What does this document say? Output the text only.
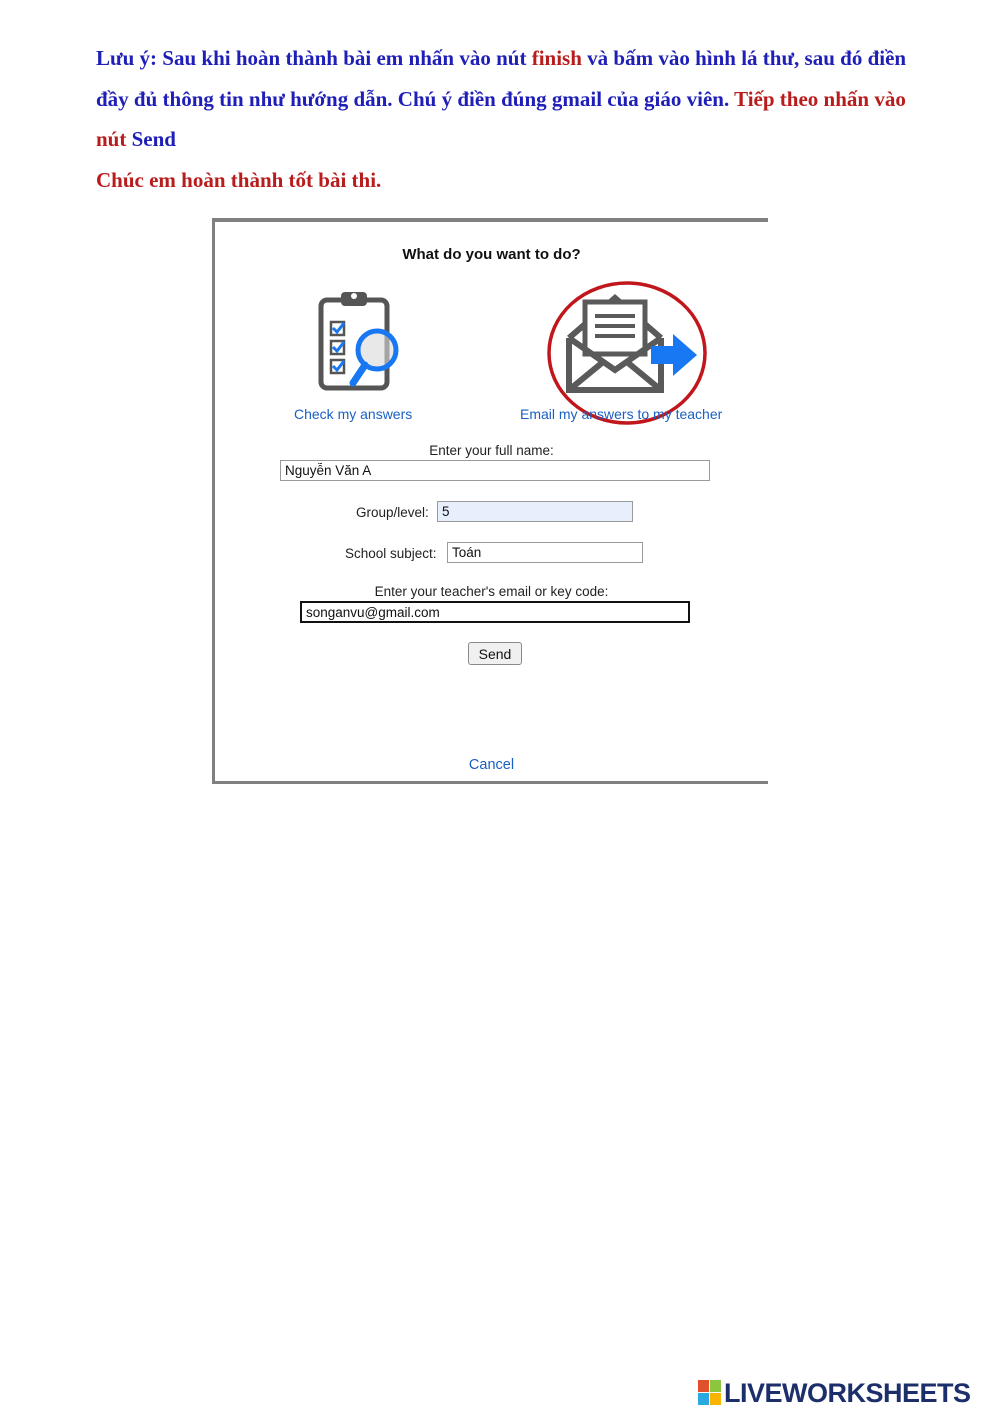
Lưu ý: Sau khi hoàn thành bài em nhấn vào nút finish và bấm vào hình lá thư, sau đó điền đầy đủ thông tin như hướng dẫn. Chú ý điền đúng gmail của giáo viên. Tiếp theo nhấn vào nút Send
Chúc em hoàn thành tốt bài thi.
What do you want to do?
Check my answers	Email my answers to my teacher
Enter your full name:
Nguyễn Văn A
Group/level:
5
School subject:
Toán
Enter your teacher's email or key code:
songanvu@gmail.com
Send
Cancel
LIVEWORKSHEETS
